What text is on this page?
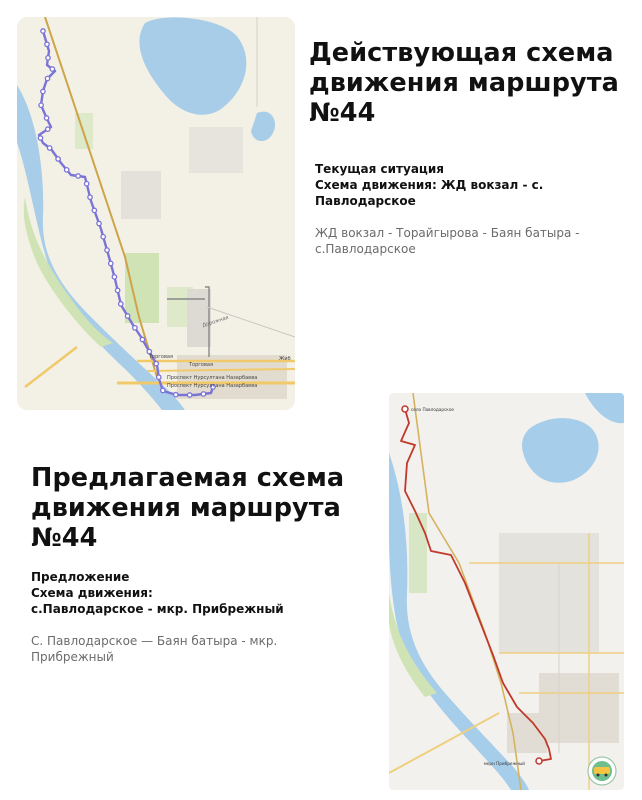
Торговая
Торговая
Проспект Нурсултана Назарбаева
Проспект Нурсултана Назарбаева
Жиб
Дорожная
Действующая схема движения маршрута №44
Текущая ситуация
Схема движения: ЖД вокзал - с. Павлодарское
ЖД вокзал - Торайгырова - Баян батыра - с.Павлодарское
Предлагаемая схема движения маршрута №44
Предложение
Схема движения:
с.Павлодарское - мкр. Прибрежный
С. Павлодарское — Баян батыра - мкр. Прибрежный
село Павлодарское
мкрн Прибрежный
